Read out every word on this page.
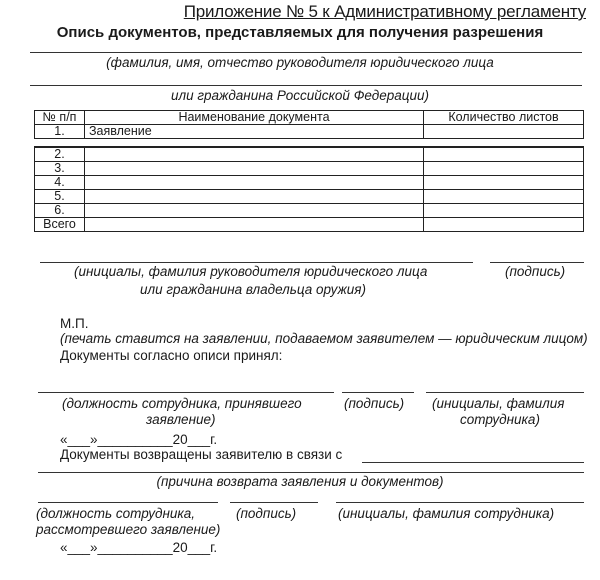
Приложение № 5 к Административному регламенту
Опись документов, представляемых для получения разрешения
(фамилия, имя, отчество руководителя юридического лица
или гражданина Российской Федерации)
№ п/п	Наименование документа	Количество листов
1.	Заявление	

2.		
3.		
4.		
5.		
6.		
Всего		
(инициалы, фамилия руководителя юридического лица	(подпись)
или гражданина владельца оружия)
М.П.
(печать ставится на заявлении, подаваемом заявителем — юридическим лицом)
Документы согласно описи принял:
(должность сотрудника, принявшего
заявление)
(подпись) (инициалы, фамилия
сотрудника)
«___»__________20___г.
Документы возвращены заявителю в связи с
(причина возврата заявления и документов)
(должность сотрудника,
рассмотревшего заявление)
(подпись)	(инициалы, фамилия сотрудника)
«___»__________20___г.
